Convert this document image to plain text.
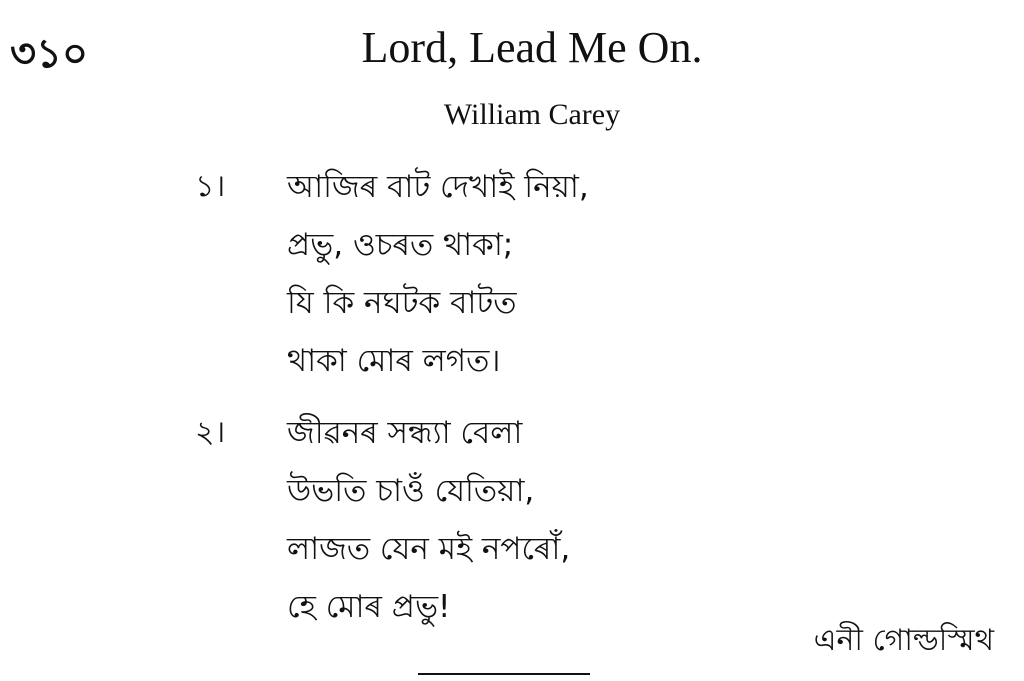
৩১০	Lord, Lead Me On.
William Carey
১। আজিৰ বাট দেখাই নিয়া,
প্ৰভু, ওচৰত থাকা;
যি কি নঘটক বাটত
থাকা মোৰ লগত।
২। জীৱনৰ সন্ধ্যা বেলা
উভতি চাওঁ যেতিয়া,
লাজত যেন মই নপৰোঁ,
হে মোৰ প্ৰভু!
এনী গোল্ডস্মিথ
